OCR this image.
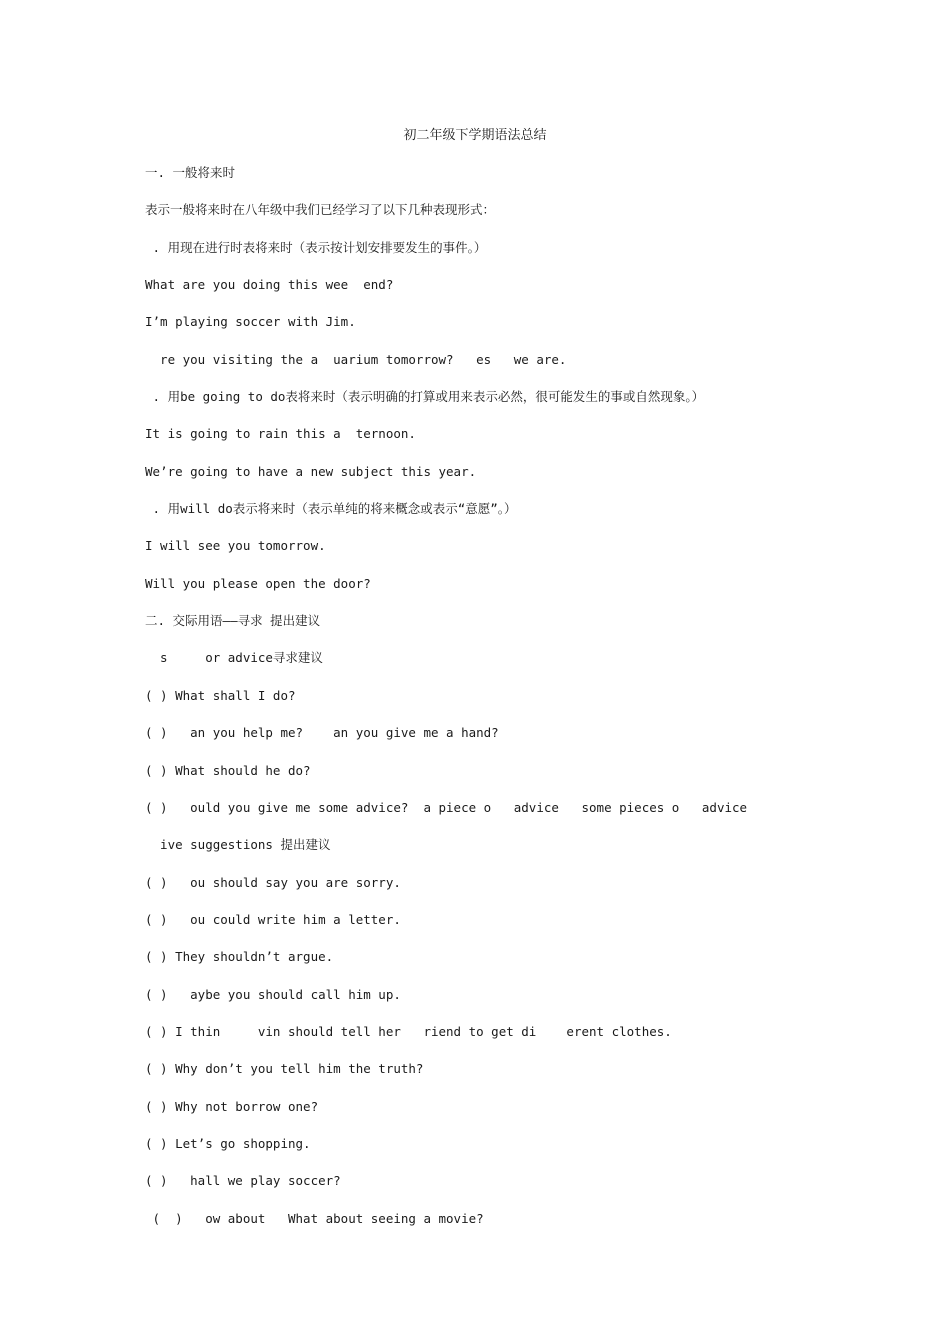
初二年级下学期语法总结
一. 一般将来时
表示一般将来时在八年级中我们已经学习了以下几种表现形式：
. 用现在进行时表将来时（表示按计划安排要发生的事件。）
What are you doing this wee  end?
I’m playing soccer with Jim.
re you visiting the a  uarium tomorrow?   es   we are.
. 用be going to do表将来时（表示明确的打算或用来表示必然，很可能发生的事或自然现象。）
It is going to rain this a  ternoon.
We’re going to have a new subject this year.
. 用will do表示将来时（表示单纯的将来概念或表示“意愿”。）
I will see you tomorrow.
Will you please open the door?
二. 交际用语——寻求 提出建议
s     or advice寻求建议
( ) What shall I do?
( )   an you help me?    an you give me a hand?
( ) What should he do?
( )   ould you give me some advice?  a piece o   advice   some pieces o   advice
ive suggestions 提出建议
( )   ou should say you are sorry.
( )   ou could write him a letter.
( ) They shouldn’t argue.
( )   aybe you should call him up.
( ) I thin     vin should tell her   riend to get di    erent clothes.
( ) Why don’t you tell him the truth?
( ) Why not borrow one?
( ) Let’s go shopping.
( )   hall we play soccer?
(  )   ow about   What about seeing a movie?
